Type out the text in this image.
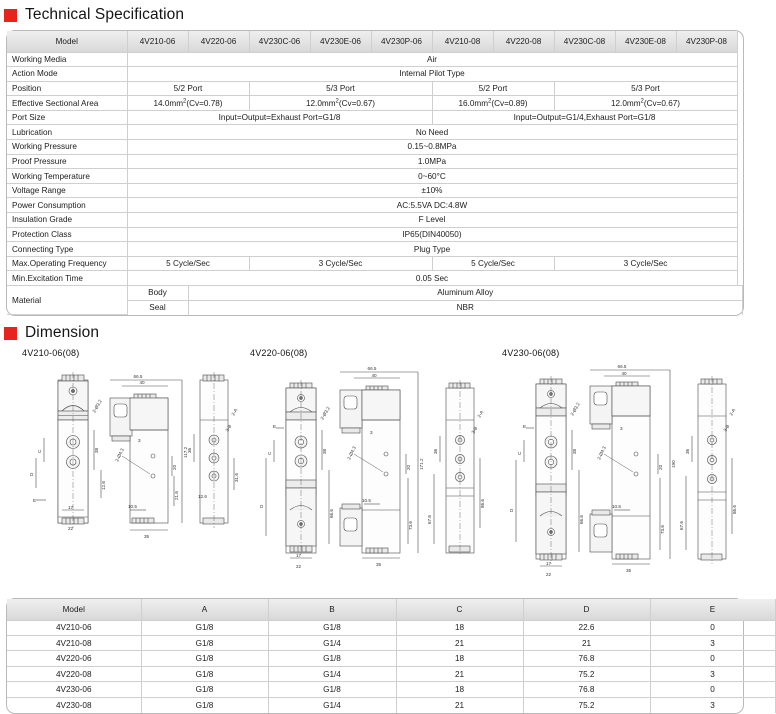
Technical Specification
Model	4V210-06	4V220-06	4V230C-06	4V230E-06	4V230P-06	4V210-08	4V220-08	4V230C-08	4V230E-08	4V230P-08
Working Media	Air									
Action Mode	Internal Pilot Type									
Position	5/2 Port		5/3 Port			5/2 Port		5/3 Port		
Effective Sectional Area	$14.0mm^2(Cv=0.78)$		$12.0mm^2(Cv=0.67)$			$16.0mm^2(Cv=0.89)$		$12.0mm^2(Cv=0.67)$		
Port Size	Input=Output=Exhaust Port=G1/8					Input=Output=G1/4,Exhaust Port=G1/8				
Lubrication	No Need									
Working Pressure	0.15~0.8MPa									
Proof Pressure	1.0MPa									
Working Temperature	0~60°C									
Voltage Range	±10%									
Power Consumption	AC:5.5VA DC:4.8W									
Insulation Grade	F Level									
Protection Class	IP65(DIN40050)									
Connecting Type	Plug Type									
Max.Operating Frequency	5 Cycle/Sec		3 Cycle/Sec			5 Cycle/Sec		3 Cycle/Sec		
Min.Excitation Time	0.05 Sec									
Material	Body	Aluminum Alloy								
	Seal	NBR								
Dimension
4V210-06(08)
C
D
E
38
12.6
17
22
2-Ø3.2
2-Ø4.3
66.5
40
117.2
20
21.6
35
10.5
3
36
31.6
2-A
3-B
12.6
4V220-06(08)
C
D
E
38
66.6
17
22
2-Ø3.2
2-Ø4.3
66.5
40
171.2
20
73.6
35
10.5
3
36
86.6
67.6
2-A
3-B
4V230-06(08)
C
D
E
38
66.6
17
22
2-Ø3.2
2-Ø4.3
66.5
40
190
20
73.6
35
10.5
3
36
86.6
67.6
2-A
3-B
Model	A	B	C	D	E
4V210-06	G1/8	G1/8	18	22.6	0
4V210-08	G1/8	G1/4	21	21	3
4V220-06	G1/8	G1/8	18	76.8	0
4V220-08	G1/8	G1/4	21	75.2	3
4V230-06	G1/8	G1/8	18	76.8	0
4V230-08	G1/8	G1/4	21	75.2	3
